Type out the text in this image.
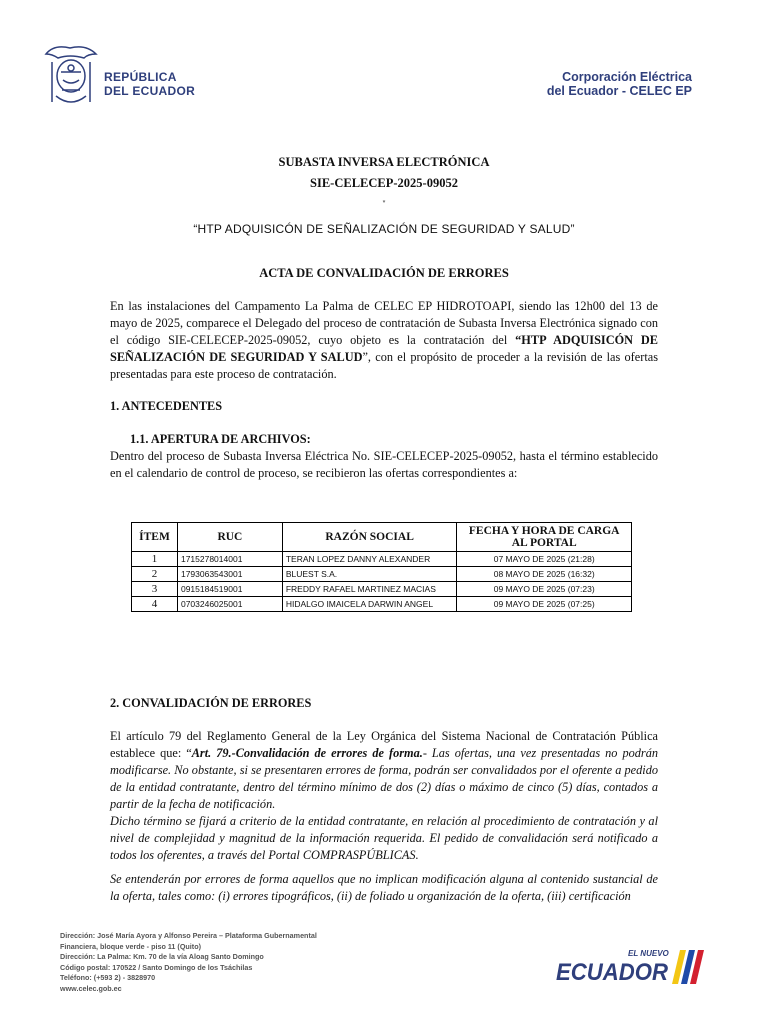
REPÚBLICA
DEL ECUADOR
Corporación Eléctrica
del Ecuador - CELEC EP
SUBASTA INVERSA ELECTRÓNICA
SIE-CELECEP-2025-09052
"
“HTP ADQUISICÓN DE SEÑALIZACIÓN DE SEGURIDAD Y SALUD”
ACTA DE CONVALIDACIÓN DE ERRORES
En las instalaciones del Campamento La Palma de CELEC EP HIDROTOAPI, siendo las 12h00 del 13 de mayo de 2025, comparece el Delegado del proceso de contratación de Subasta Inversa Electrónica signado con el código SIE-CELECEP-2025-09052, cuyo objeto es la contratación del “HTP ADQUISICÓN DE SEÑALIZACIÓN DE SEGURIDAD Y SALUD”, con el propósito de proceder a la revisión de las ofertas presentadas para este proceso de contratación.
1. ANTECEDENTES
1.1. APERTURA DE ARCHIVOS:
Dentro del proceso de Subasta Inversa Eléctrica No. SIE-CELECEP-2025-09052, hasta el término establecido en el calendario de control de proceso, se recibieron las ofertas correspondientes a:
ÍTEM	RUC	RAZÓN SOCIAL	FECHA Y HORA DE CARGA AL PORTAL
1	1715278014001	TERAN LOPEZ DANNY ALEXANDER	07 MAYO DE 2025 (21:28)
2	1793063543001	BLUEST S.A.	08 MAYO DE 2025 (16:32)
3	0915184519001	FREDDY RAFAEL MARTINEZ MACIAS	09 MAYO DE 2025 (07:23)
4	0703246025001	HIDALGO IMAICELA DARWIN ANGEL	09 MAYO DE 2025 (07:25)
2. CONVALIDACIÓN DE ERRORES
El artículo 79 del Reglamento General de la Ley Orgánica del Sistema Nacional de Contratación Pública establece que: “Art. 79.-Convalidación de errores de forma.- Las ofertas, una vez presentadas no podrán modificarse. No obstante, si se presentaren errores de forma, podrán ser convalidados por el oferente a pedido de la entidad contratante, dentro del término mínimo de dos (2) días o máximo de cinco (5) días, contados a partir de la fecha de notificación.
Dicho término se fijará a criterio de la entidad contratante, en relación al procedimiento de contratación y al nivel de complejidad y magnitud de la información requerida. El pedido de convalidación será notificado a todos los oferentes, a través del Portal COMPRASPÚBLICAS.
Se entenderán por errores de forma aquellos que no implican modificación alguna al contenido sustancial de la oferta, tales como: (i) errores tipográficos, (ii) de foliado u organización de la oferta, (iii) certificación
Dirección: José María Ayora y Alfonso Pereira – Plataforma Gubernamental
Financiera, bloque verde - piso 11 (Quito)
Dirección: La Palma: Km. 70 de la vía Aloag Santo Domingo
Código postal: 170522 / Santo Domingo de los Tsáchilas
Teléfono: (+593 2) - 3828970
www.celec.gob.ec
EL NUEVO
ECUADOR
